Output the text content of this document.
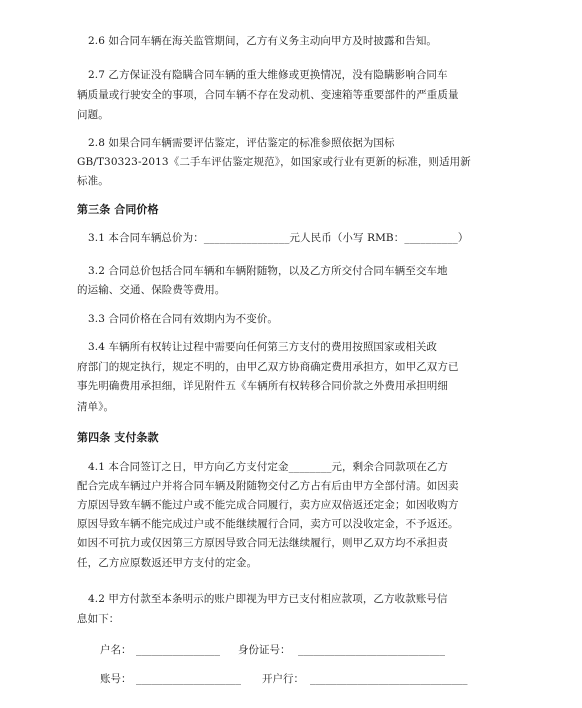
2.6 如合同车辆在海关监管期间，乙方有义务主动向甲方及时披露和告知。
2.7 乙方保证没有隐瞒合同车辆的重大维修或更换情况，没有隐瞒影响合同车
辆质量或行驶安全的事项，合同车辆不存在发动机、变速箱等重要部件的严重质量
问题。
2.8 如果合同车辆需要评估鉴定，评估鉴定的标准参照依据为国标
GB/T30323-2013《二手车评估鉴定规范》，如国家或行业有更新的标准，则适用新
标准。
第三条 合同价格
3.1 本合同车辆总价为：________________元人民币（小写 RMB：__________）
3.2 合同总价包括合同车辆和车辆附随物，以及乙方所交付合同车辆至交车地
的运输、交通、保险费等费用。
3.3 合同价格在合同有效期内为不变价。
3.4 车辆所有权转让过程中需要向任何第三方支付的费用按照国家或相关政
府部门的规定执行，规定不明的，由甲乙双方协商确定费用承担方，如甲乙双方已
事先明确费用承担细，详见附件五《车辆所有权转移合同价款之外费用承担明细
清单》。
第四条 支付条款
4.1 本合同签订之日，甲方向乙方支付定金________元，剩余合同款项在乙方
配合完成车辆过户并将合同车辆及附随物交付乙方占有后由甲方全部付清。如因卖
方原因导致车辆不能过户或不能完成合同履行，卖方应双倍返还定金；如因收购方
原因导致车辆不能完成过户或不能继续履行合同，卖方可以没收定金，不予返还。
如因不可抗力或仅因第三方原因导致合同无法继续履行，则甲乙双方均不承担责
任，乙方应原数返还甲方支付的定金。
4.2 甲方付款至本条明示的账户即视为甲方已支付相应款项，乙方收款账号信
息如下：
户名： ________________ 身份证号： ____________________________
账号： ____________________ 开户行： ______________________________
